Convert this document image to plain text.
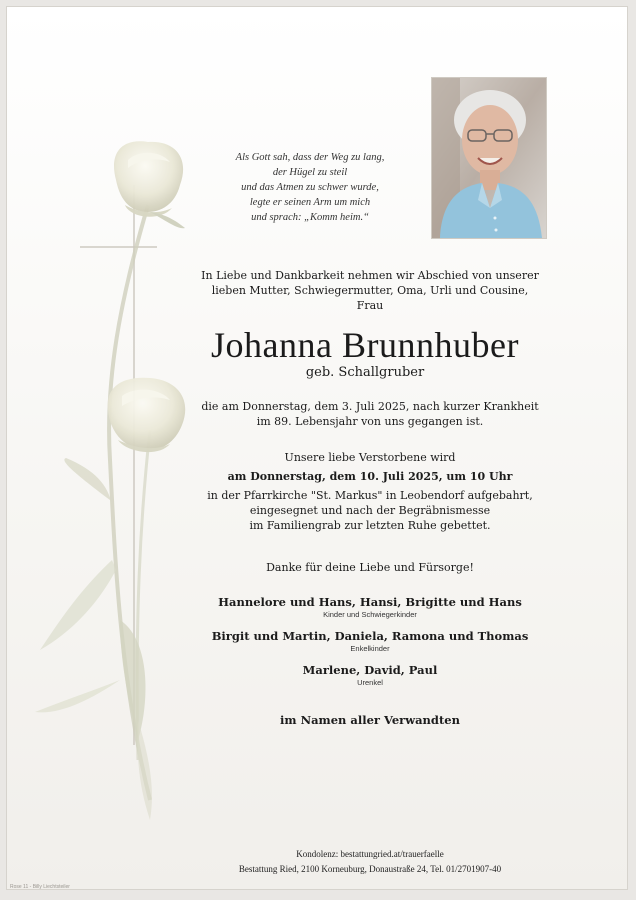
Als Gott sah, dass der Weg zu lang,
der Hügel zu steil
und das Atmen zu schwer wurde,
legte er seinen Arm um mich
und sprach: „Komm heim.“
In Liebe und Dankbarkeit nehmen wir Abschied von unserer
lieben Mutter, Schwiegermutter, Oma, Urli und Cousine,
Frau
Johanna Brunnhuber
geb. Schallgruber
die am Donnerstag, dem 3. Juli 2025, nach kurzer Krankheit
im 89. Lebensjahr von uns gegangen ist.
Unsere liebe Verstorbene wird
am Donnerstag, dem 10. Juli 2025, um 10 Uhr
in der Pfarrkirche "St. Markus" in Leobendorf aufgebahrt,
eingesegnet und nach der Begräbnismesse
im Familiengrab zur letzten Ruhe gebettet.
Danke für deine Liebe und Fürsorge!
Hannelore und Hans, Hansi, Brigitte und Hans
Kinder und Schwiegerkinder
Birgit und Martin, Daniela, Ramona und Thomas
Enkelkinder
Marlene, David, Paul
Urenkel
im Namen aller Verwandten
Kondolenz: bestattungried.at/trauerfaelle
Bestattung Ried, 2100 Korneuburg, Donaustraße 24, Tel. 01/2701907-40
Rose 11 - Billy Liechtsteiler
